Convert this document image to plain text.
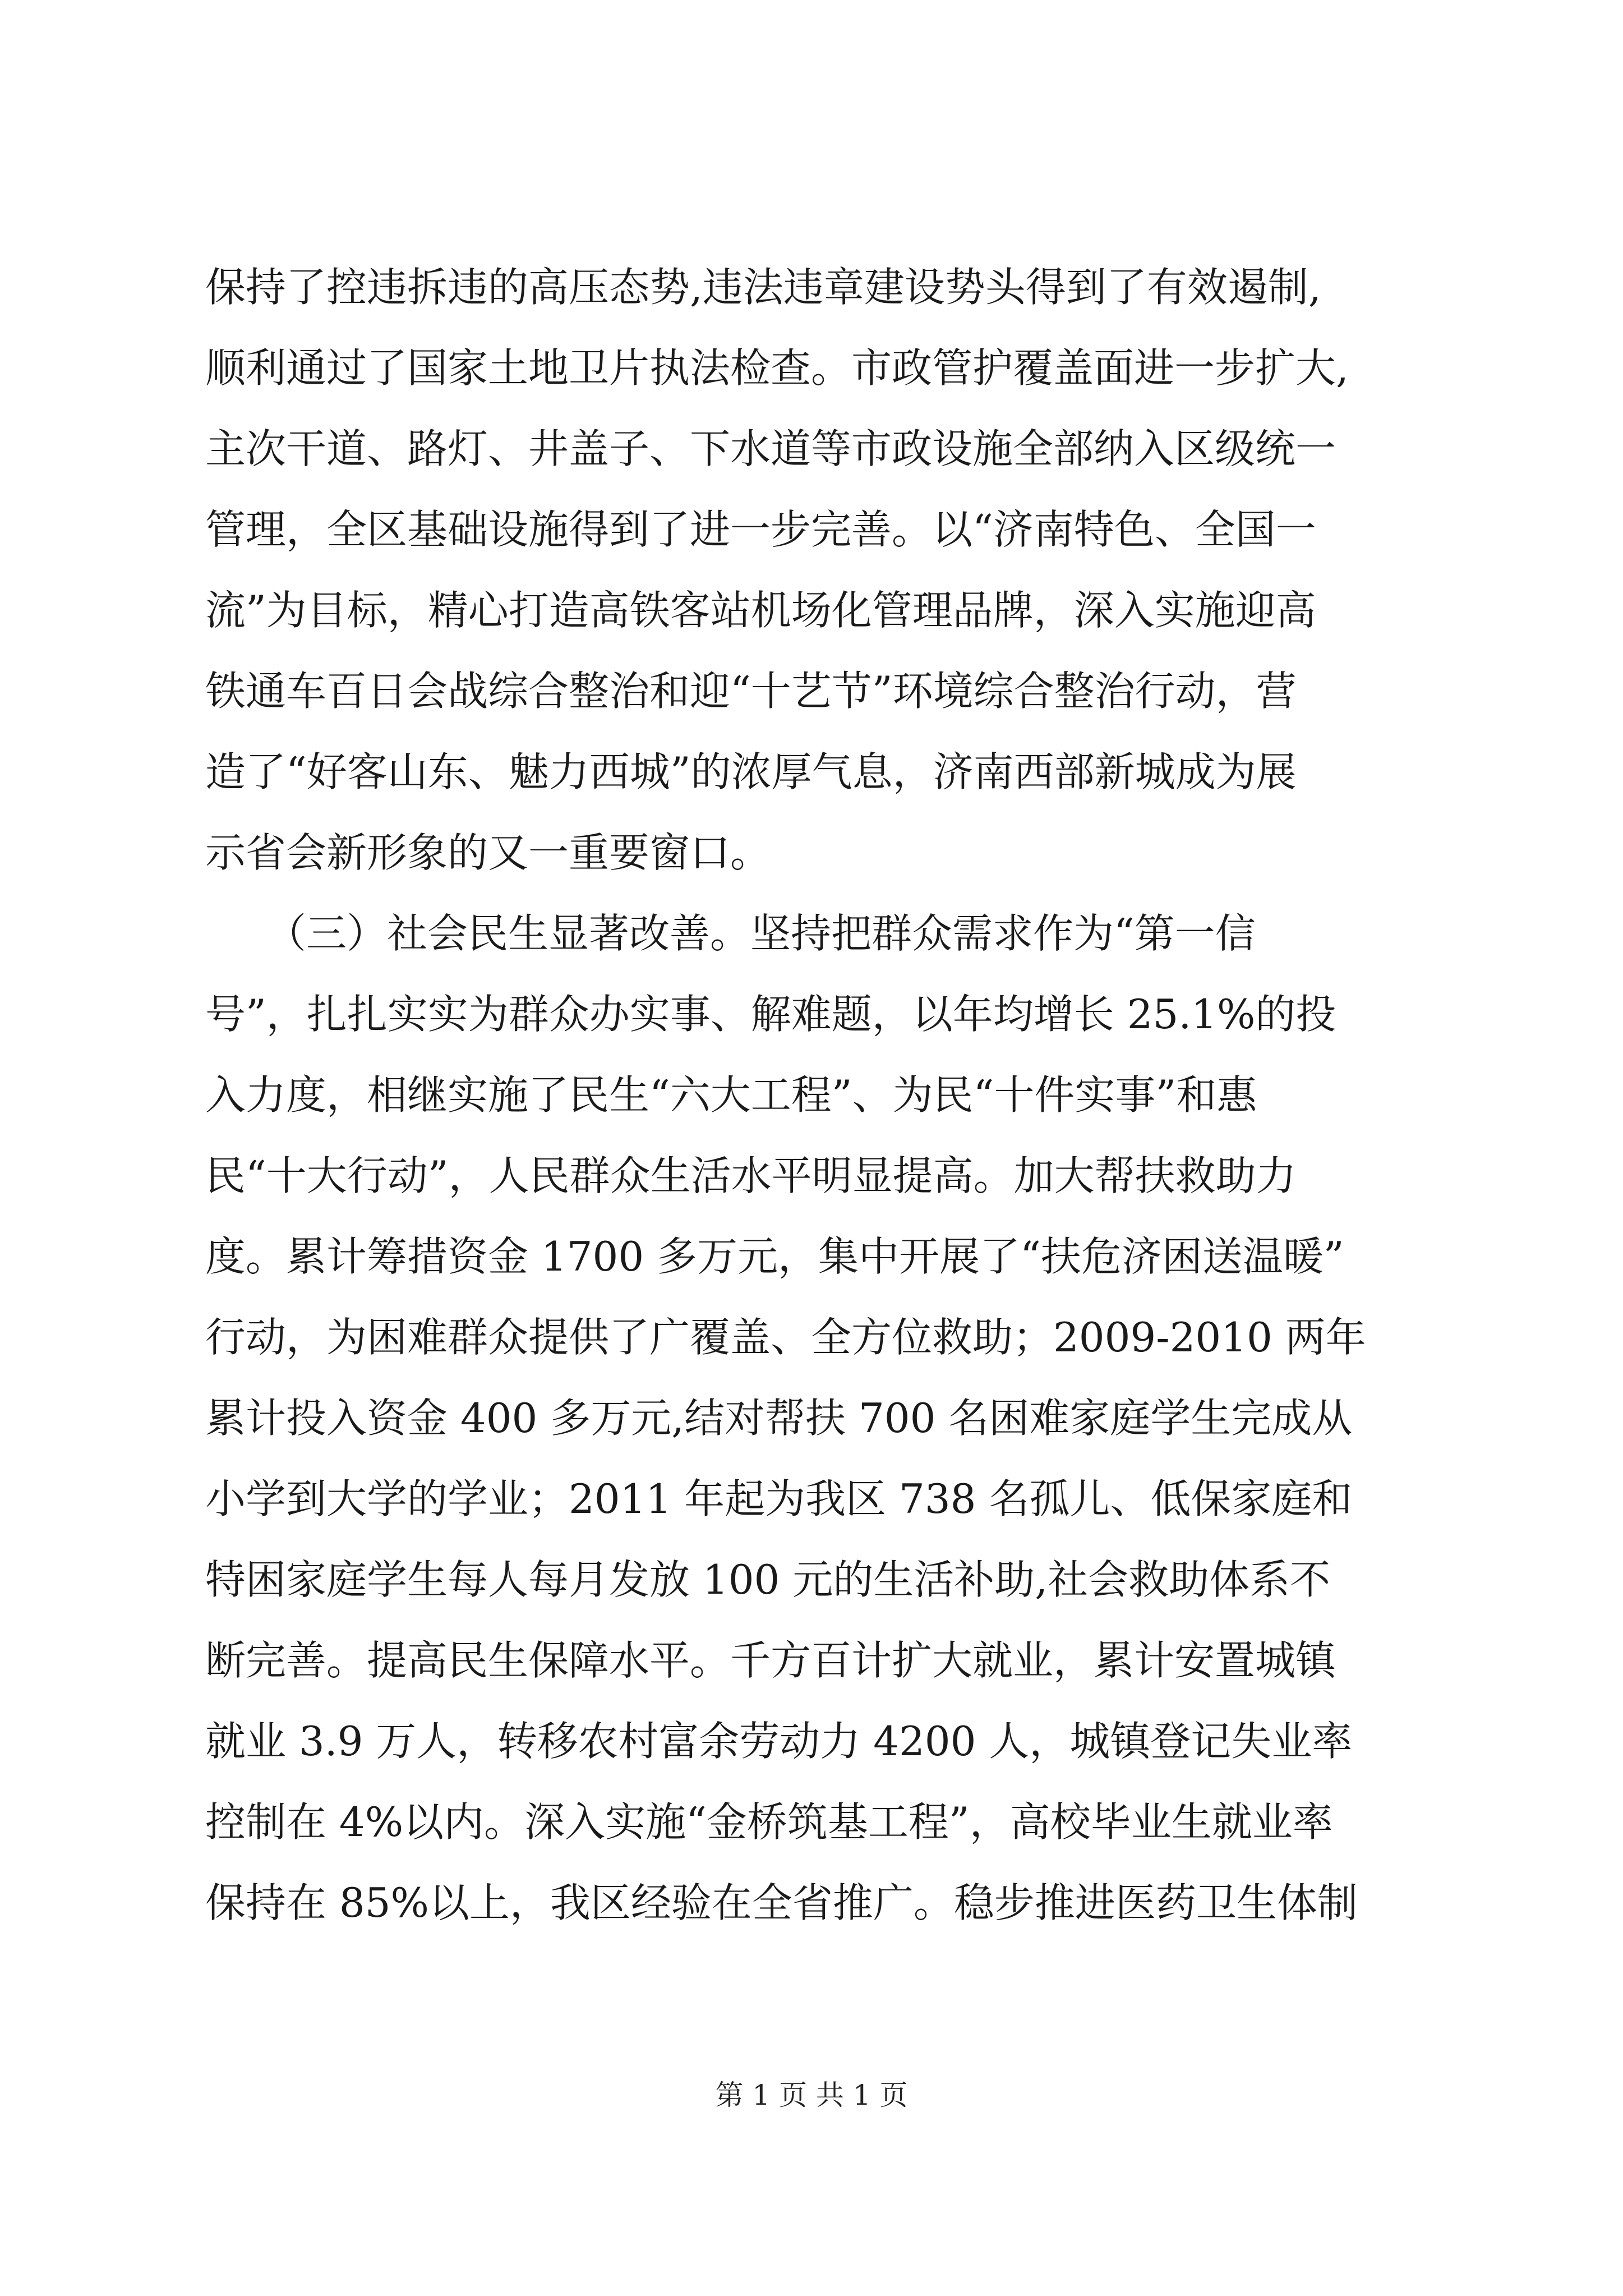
保持了控违拆违的高压态势,违法违章建设势头得到了有效遏制,
顺利通过了国家土地卫片执法检查。市政管护覆盖面进一步扩大,
主次干道、路灯、井盖子、下水道等市政设施全部纳入区级统一
管理，全区基础设施得到了进一步完善。以“济南特色、全国一
流”为目标，精心打造高铁客站机场化管理品牌，深入实施迎高
铁通车百日会战综合整治和迎“十艺节”环境综合整治行动，营
造了“好客山东、魅力西城”的浓厚气息，济南西部新城成为展
示省会新形象的又一重要窗口。
　　（三）社会民生显著改善。坚持把群众需求作为“第一信
号”，扎扎实实为群众办实事、解难题，以年均增长 25.1%的投
入力度，相继实施了民生“六大工程”、为民“十件实事”和惠
民“十大行动”，人民群众生活水平明显提高。加大帮扶救助力
度。累计筹措资金 1700 多万元，集中开展了“扶危济困送温暖”
行动，为困难群众提供了广覆盖、全方位救助；2009-2010 两年
累计投入资金 400 多万元,结对帮扶 700 名困难家庭学生完成从
小学到大学的学业；2011 年起为我区 738 名孤儿、低保家庭和
特困家庭学生每人每月发放 100 元的生活补助,社会救助体系不
断完善。提高民生保障水平。千方百计扩大就业，累计安置城镇
就业 3.9 万人，转移农村富余劳动力 4200 人，城镇登记失业率
控制在 4%以内。深入实施“金桥筑基工程”，高校毕业生就业率
保持在 85%以上，我区经验在全省推广。稳步推进医药卫生体制
第 1 页 共 1 页
